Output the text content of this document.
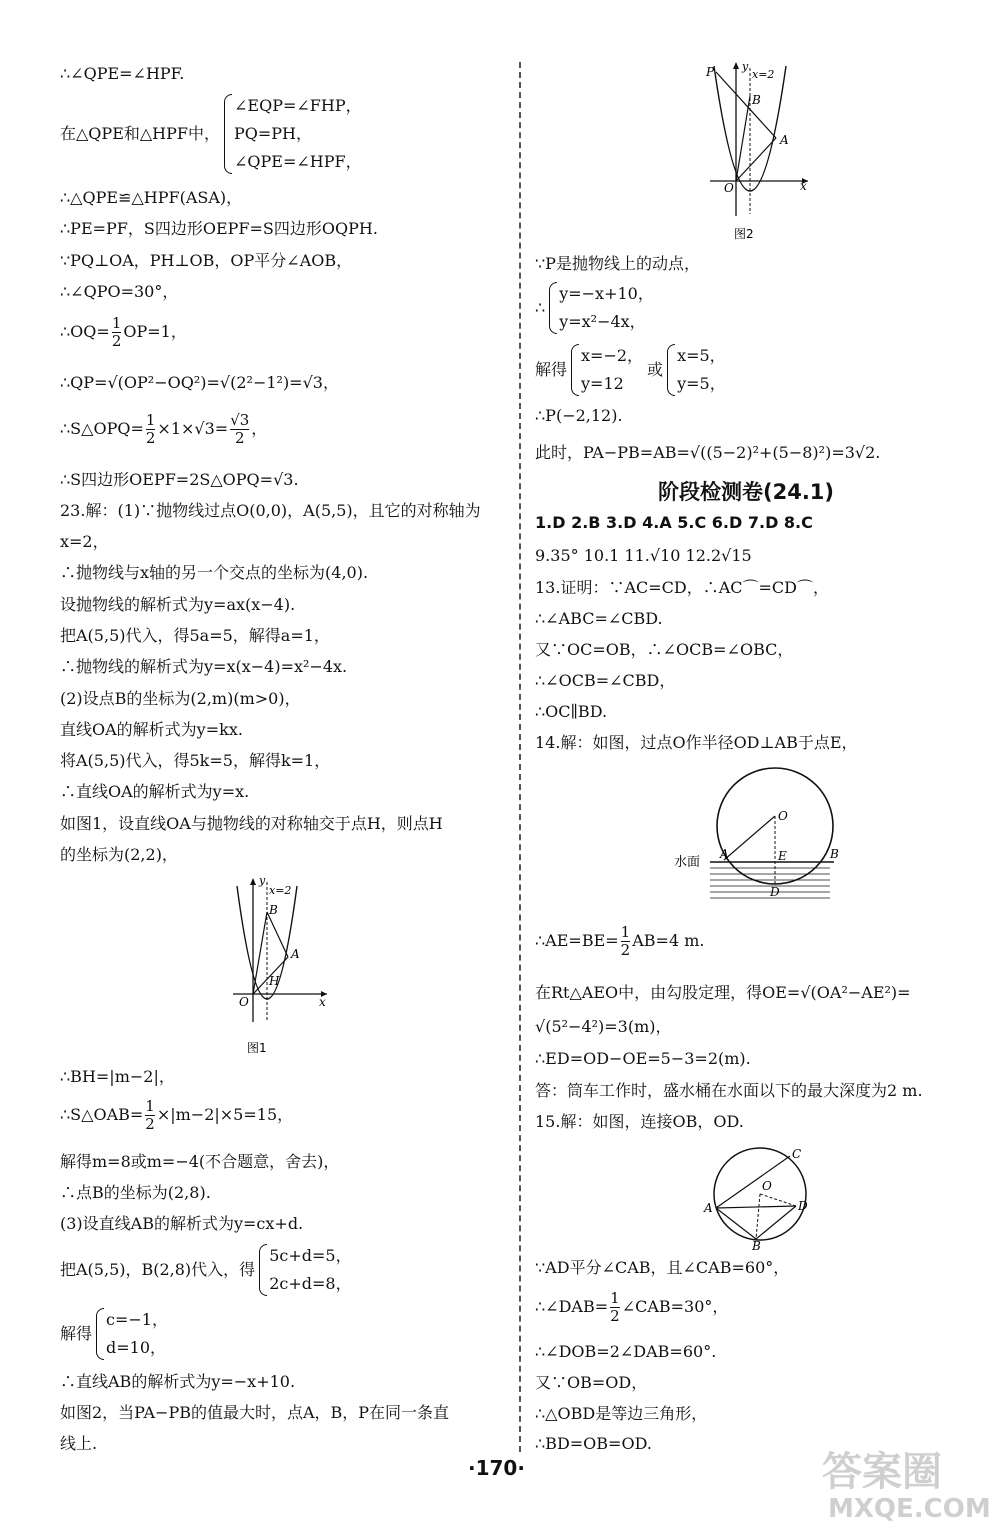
∴∠QPE=∠HPF.
在△QPE和△HPF中，
∠EQP=∠FHP，
PQ=PH，
∠QPE=∠HPF，
∴△QPE≌△HPF(ASA)，
∴PE=PF，S四边形OEPF=S四边形OQPH.
∵PQ⊥OA，PH⊥OB，OP平分∠AOB，
∴∠QPO=30°，
∴OQ= $\frac{1}{2} OP=1$，
∴QP=√(OP²−OQ²)=√(2²−1²)=√3，
∴S△OPQ= $\frac{1}{2} \times 1\times√3= \frac{√3}{2}$ ，
∴S四边形OEPF=2S△OPQ=√3.
23.解：(1)∵抛物线过点O(0,0)，A(5,5)，且它的对称轴为
x=2，
∴抛物线与x轴的另一个交点的坐标为(4,0).
设抛物线的解析式为y=ax(x−4).
把A(5,5)代入，得5a=5，解得a=1，
∴抛物线的解析式为y=x(x−4)=x²−4x.
(2)设点B的坐标为(2,m)(m>0)，
直线OA的解析式为y=kx.
将A(5,5)代入，得5k=5，解得k=1，
∴直线OA的解析式为y=x.
如图1，设直线OA与抛物线的对称轴交于点H，则点H
的坐标为(2,2)，
∴BH=|m−2|，
∴S△OAB= $\frac{1}{2} \times|m-2|\times 5=15$，
解得m=8或m=−4(不合题意，舍去)，
∴点B的坐标为(2,8).
(3)设直线AB的解析式为y=cx+d.
把A(5,5)，B(2,8)代入，得
5c+d=5，
2c+d=8，
解得
c=−1，
d=10，
∴直线AB的解析式为y=−x+10.
如图2，当PA−PB的值最大时，点A，B，P在同一条直
线上.
y
x=2
B
A
H
O	x
图1
∵P是抛物线上的动点，
∴
y=−x+10，
y=x²−4x，
解得
x=−2，
y=12
或
x=5，
y=5，
∴P(−2,12).
此时，PA−PB=AB=√((5−2)²+(5−8)²)=3√2.
1.D 2.B 3.D 4.A 5.C 6.D 7.D 8.C
9.35° 10.1 11.√10 12.2√15
13.证明：∵AC=CD，∴AC⌒=CD⌒，
∴∠ABC=∠CBD.
又∵OC=OB，∴∠OCB=∠OBC，
∴∠OCB=∠CBD，
∴OC∥BD.
14.解：如图，过点O作半径OD⊥AB于点E，
∴AE=BE= $\frac{1}{2} AB=4$ m.
在Rt△AEO中，由勾股定理，得OE=√(OA²−AE²)=
√(5²−4²)=3(m)，
∴ED=OD−OE=5−3=2(m).
答：筒车工作时，盛水桶在水面以下的最大深度为2 m.
15.解：如图，连接OB，OD.
∵AD平分∠CAB，且∠CAB=60°，
∴∠DAB= $\frac{1}{2}$ ∠CAB=30°，
∴∠DOB=2∠DAB=60°.
又∵OB=OD，
∴△OBD是等边三角形，
∴BD=OB=OD.
阶段检测卷(24.1)
P	y
x=2
B
A
O	x
图2
水面
O
A	E	B
D
O
C
A	D
B
·170·	答案圈
MXQE.COM
